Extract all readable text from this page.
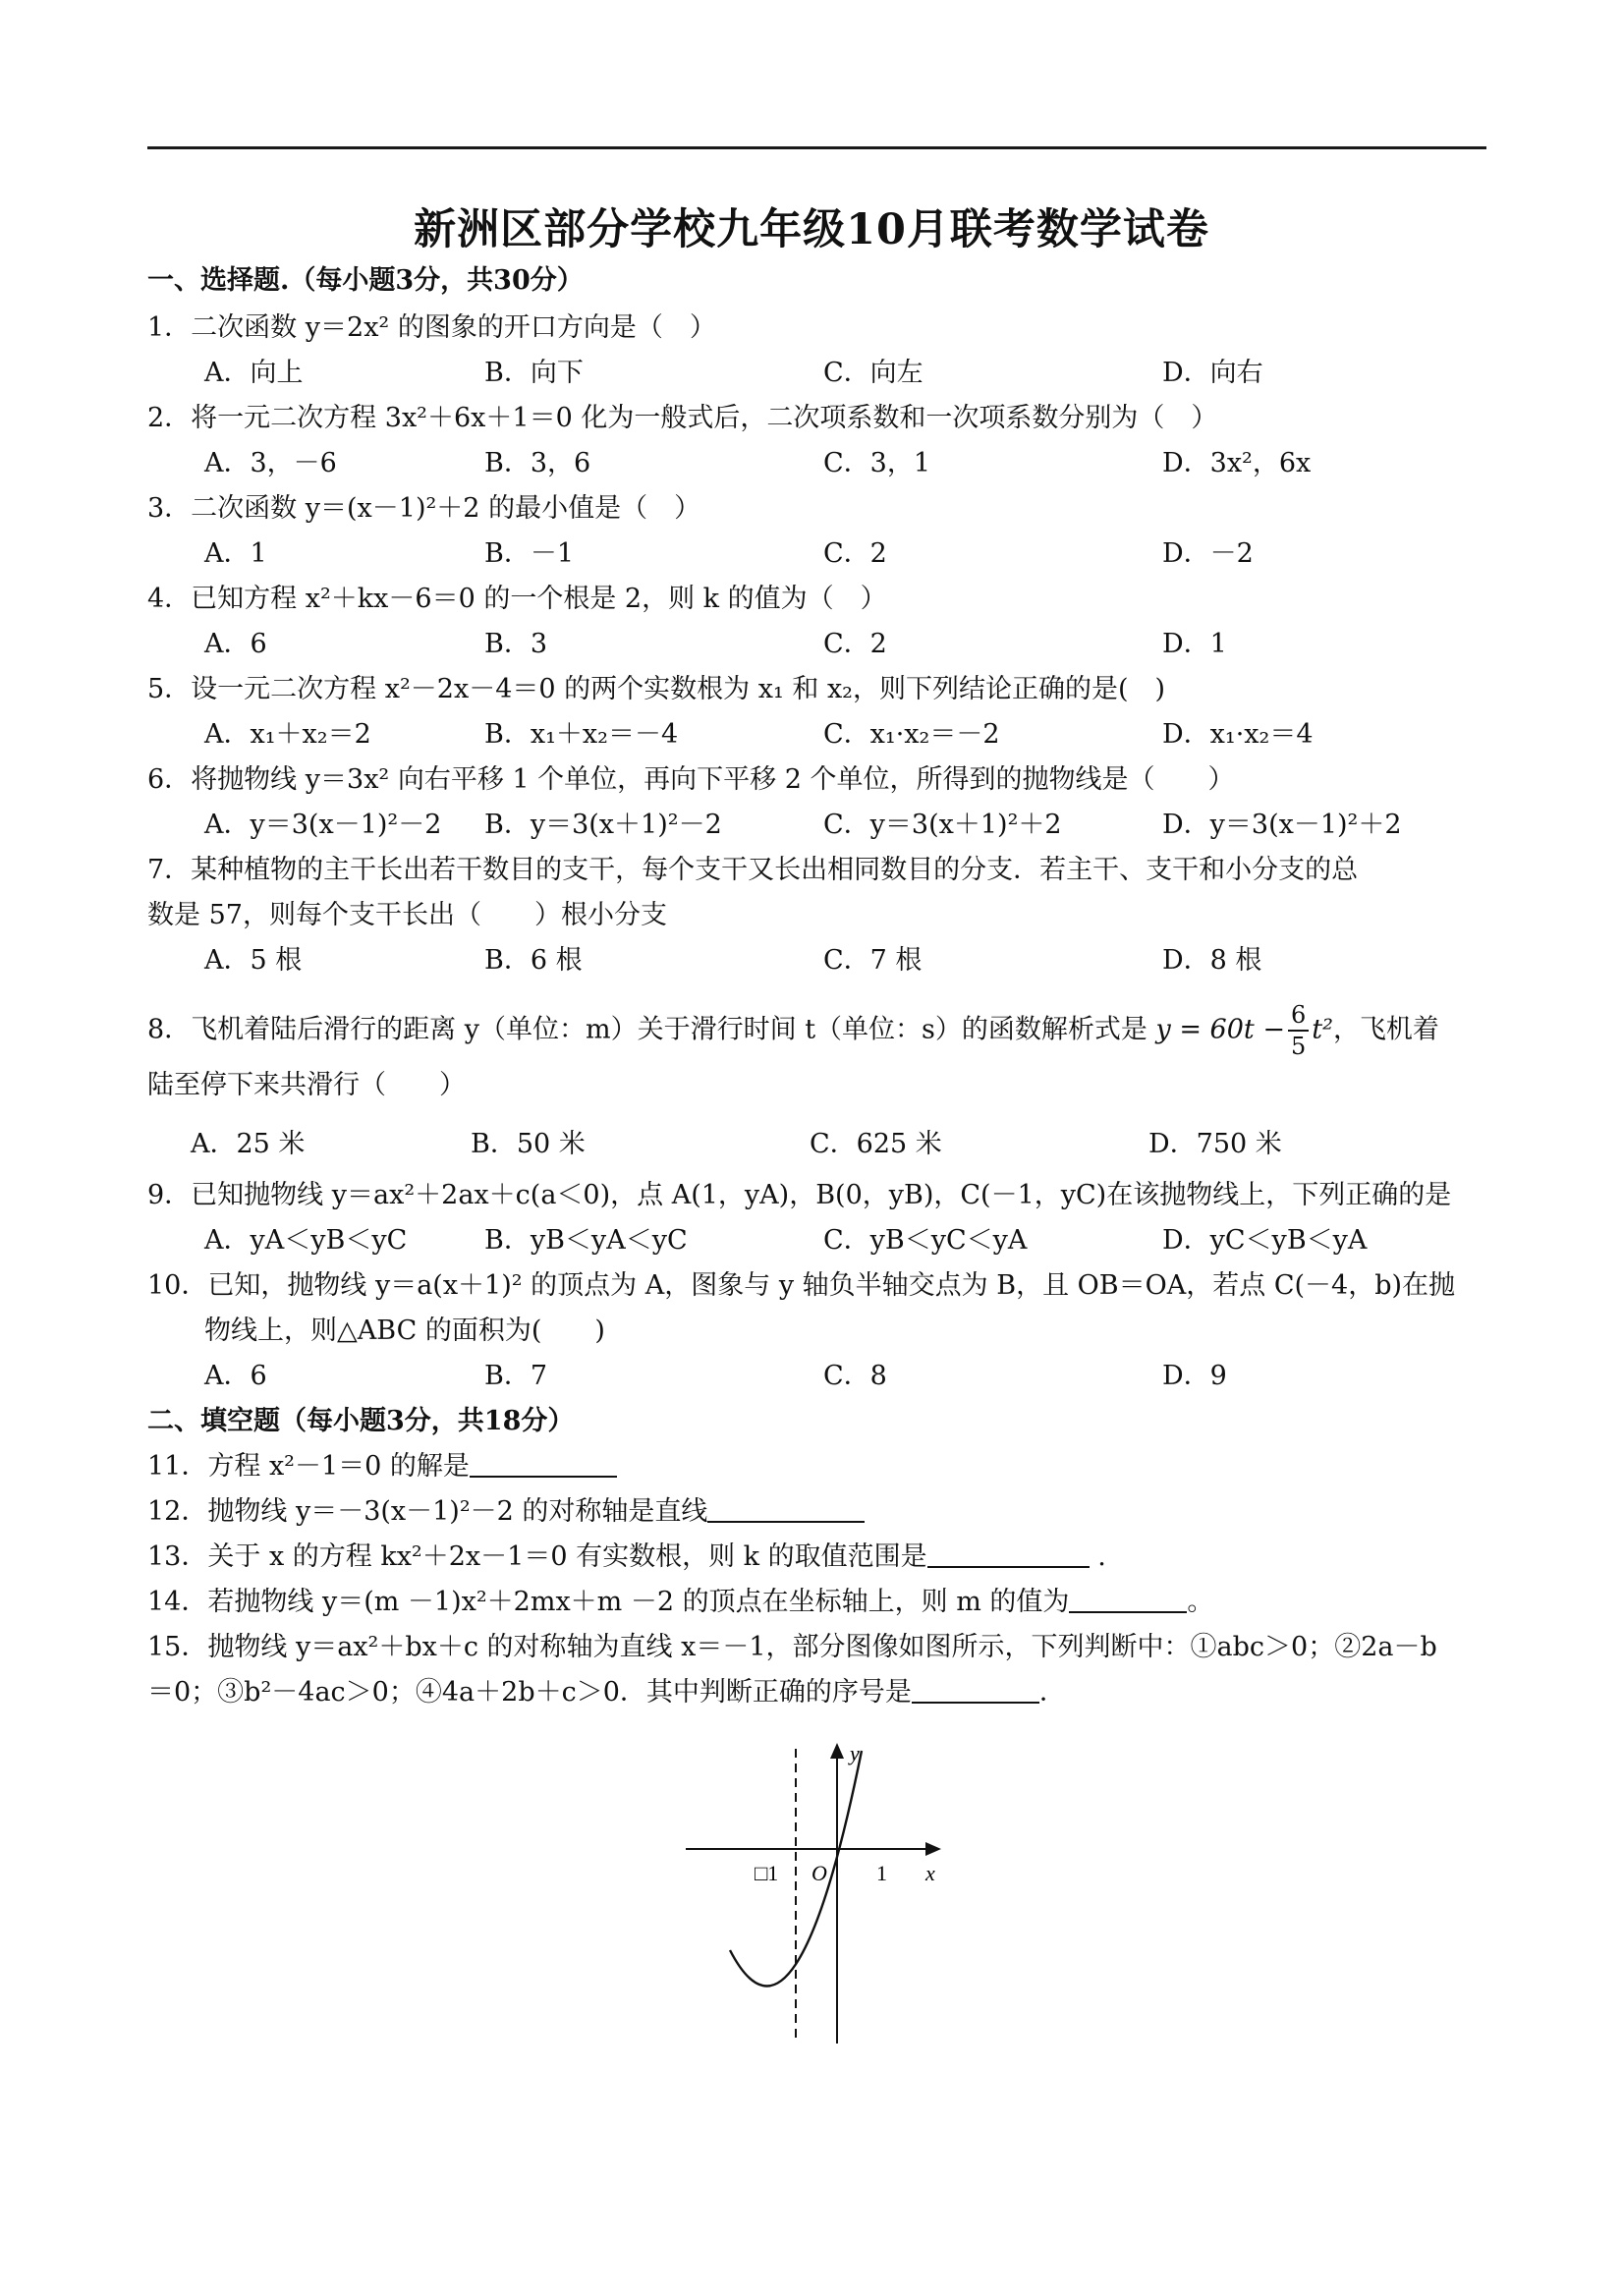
新洲区部分学校九年级10月联考数学试卷
一、选择题.（每小题3分，共30分）
1．二次函数 y＝2x² 的图象的开口方向是（　）
A．向上	B．向下	C．向左	D．向右
2．将一元二次方程 3x²＋6x＋1＝0 化为一般式后，二次项系数和一次项系数分别为（　）
A．3，－6	B．3，6	C．3，1	D．3x²，6x
3．二次函数 y＝(x－1)²＋2 的最小值是（　）
A．1	B．－1	C．2	D．－2
4．已知方程 x²＋kx－6＝0 的一个根是 2，则 k 的值为（　）
A．6	B．3	C．2	D．1
5．设一元二次方程 x²－2x－4＝0 的两个实数根为 x₁ 和 x₂，则下列结论正确的是(　)
A．x₁＋x₂＝2	B．x₁＋x₂＝－4	C．x₁·x₂＝－2	D．x₁·x₂＝4
6．将抛物线 y＝3x² 向右平移 1 个单位，再向下平移 2 个单位，所得到的抛物线是（　　）
A．y＝3(x－1)²－2 B．y＝3(x＋1)²－2	C．y＝3(x＋1)²＋2	D．y＝3(x－1)²＋2
7．某种植物的主干长出若干数目的支干，每个支干又长出相同数目的分支．若主干、支干和小分支的总
数是 57，则每个支干长出（　　）根小分支
A．5 根	B．6 根	C．7 根	D．8 根
8．飞机着陆后滑行的距离 y（单位：m）关于滑行时间 t（单位：s）的函数解析式是 $y = 60t - \frac{6}{5} t^2$，飞机着
陆至停下来共滑行（　　）
A．25 米	B．50 米	C．625 米	D．750 米
9．已知抛物线 y＝ax²＋2ax＋c(a＜0)，点 A(1，yA)，B(0，yB)，C(－1，yC)在该抛物线上，下列正确的是
A．yA＜yB＜yC	B．yB＜yA＜yC	C．yB＜yC＜yA	D．yC＜yB＜yA
10．已知，抛物线 y＝a(x＋1)² 的顶点为 A，图象与 y 轴负半轴交点为 B，且 OB＝OA，若点 C(－4，b)在抛
物线上，则△ABC 的面积为(　　)
A．6	B．7	C．8	D．9
二、填空题（每小题3分，共18分）
11．方程 x²－1＝0 的解是
12．抛物线 y＝－3(x－1)²－2 的对称轴是直线
13．关于 x 的方程 kx²＋2x－1＝0 有实数根，则 k 的取值范围是	.
14．若抛物线 y＝(m －1)x²＋2mx＋m －2 的顶点在坐标轴上，则 m 的值为	。
15．抛物线 y＝ax²＋bx＋c 的对称轴为直线 x＝－1，部分图像如图所示，下列判断中：①abc＞0；②2a－b
＝0；③b²－4ac＞0；④4a＋2b＋c＞0．其中判断正确的序号是	．
y
x
O
□1	1
